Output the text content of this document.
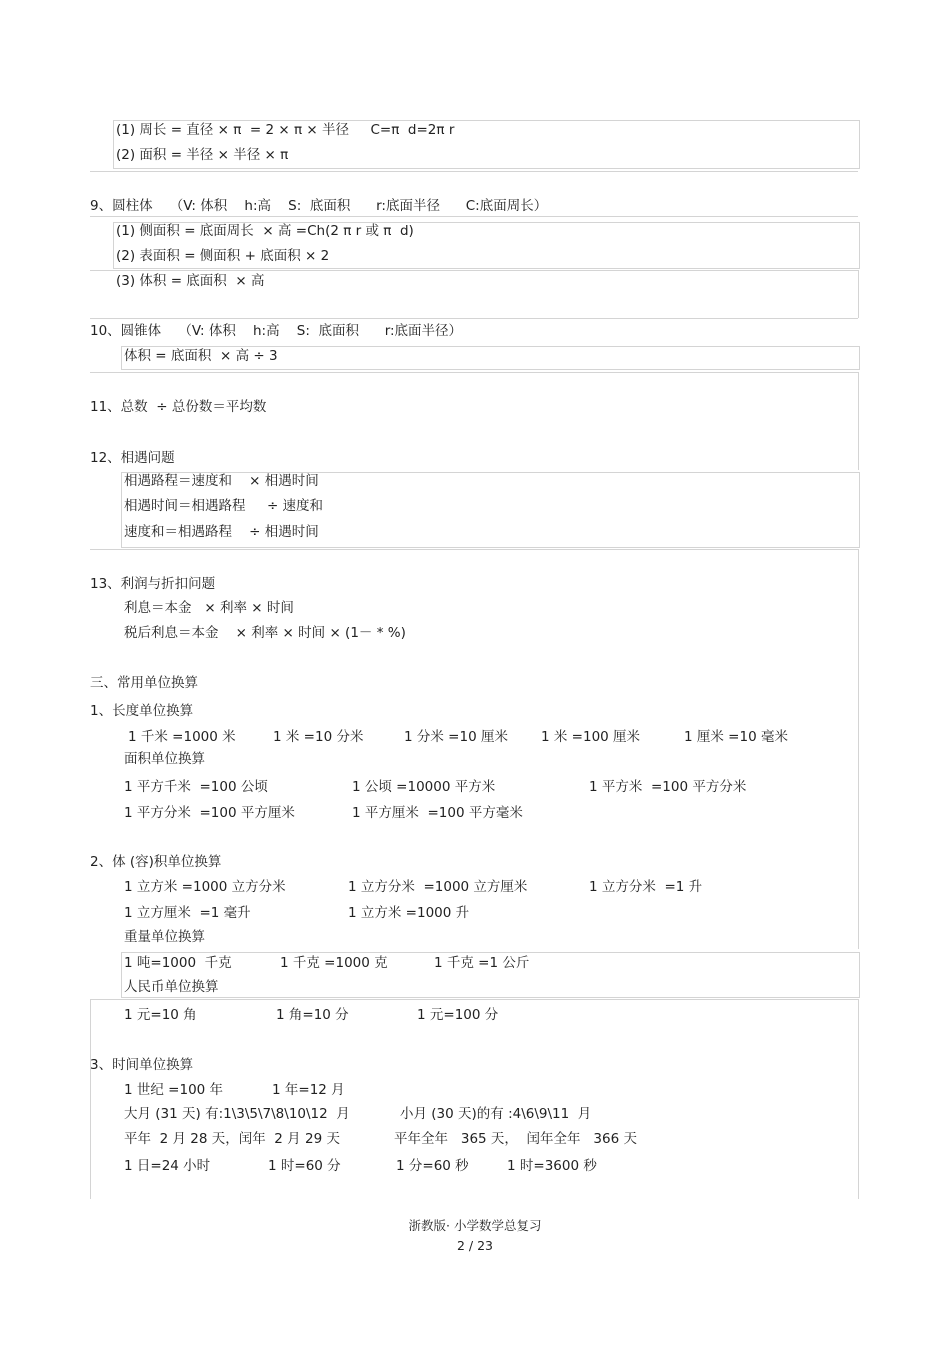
(1) 周长 = 直径 × π  = 2 × π × 半径     C=π  d=2π r
(2) 面积 = 半径 × 半径 × π
9、圆柱体    （V: 体积    h:高    S:  底面积      r:底面半径      C:底面周长）
(1) 侧面积 = 底面周长  × 高 =Ch(2 π r 或 π  d)
(2) 表面积 = 侧面积 + 底面积 × 2
(3) 体积 = 底面积  × 高
10、圆锥体    （V: 体积    h:高    S:  底面积      r:底面半径）
体积 = 底面积  × 高 ÷ 3
11、总数  ÷ 总份数＝平均数
12、相遇问题
相遇路程＝速度和    × 相遇时间
相遇时间＝相遇路程     ÷ 速度和
速度和＝相遇路程    ÷ 相遇时间
13、利润与折扣问题
利息＝本金   × 利率 × 时间
税后利息＝本金    × 利率 × 时间 × (1－ * %)
三、常用单位换算
1、长度单位换算
1 千米 =1000 米	1 米 =10 分米	1 分米 =10 厘米 1 米 =100 厘米	1 厘米 =10 毫米
面积单位换算
1 平方千米  =100 公顷	1 公顷 =10000 平方米	1 平方米  =100 平方分米
1 平方分米  =100 平方厘米	1 平方厘米  =100 平方毫米
2、体 (容)积单位换算
1 立方米 =1000 立方分米	1 立方分米  =1000 立方厘米	1 立方分米  =1 升
1 立方厘米  =1 毫升	1 立方米 =1000 升
重量单位换算
1 吨=1000  千克	1 千克 =1000 克	1 千克 =1 公斤
人民币单位换算
1 元=10 角	1 角=10 分	1 元=100 分
3、时间单位换算
1 世纪 =100 年	1 年=12 月
大月 (31 天) 有:1\3\5\7\8\10\12  月	小月 (30 天)的有 :4\6\9\11  月
平年  2 月 28 天，闰年  2 月 29 天	平年全年   365 天，  闰年全年   366 天
1 日=24 小时	1 时=60 分	1 分=60 秒	1 时=3600 秒
浙教版· 小学数学总复习
2 / 23
